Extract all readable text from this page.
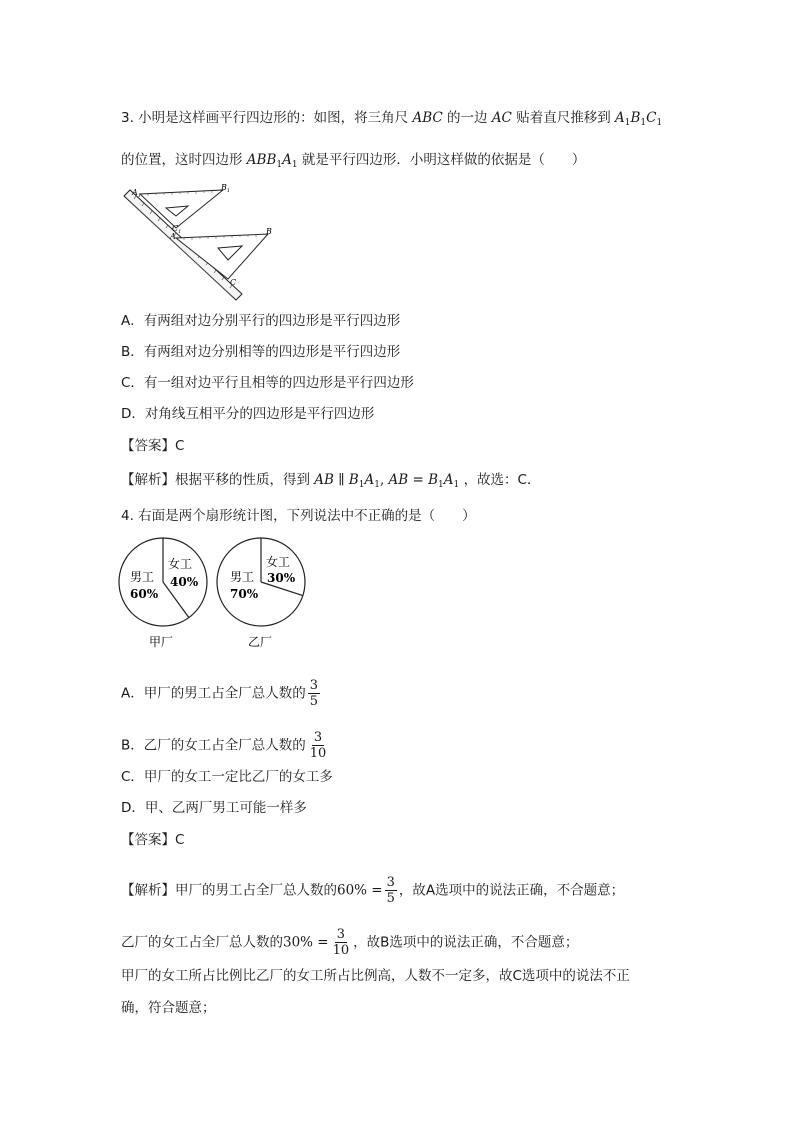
3. 小明是这样画平行四边形的：如图，将三角尺 ABC 的一边 AC 贴着直尺推移到 $A_1B_1C_1$
的位置，这时四边形 $ABB_1A_1$ 就是平行四边形．小明这样做的依据是（　　）
$A_1$
$B_1$
$C_1$
A
B
C
A．有两组对边分别平行的四边形是平行四边形
B．有两组对边分别相等的四边形是平行四边形
C．有一组对边平行且相等的四边形是平行四边形
D．对角线互相平分的四边形是平行四边形
【答案】C
【解析】根据平移的性质，得到 AB ∥ $B_1A_1$, AB = $B_1A_1$ ，故选：C．
4. 右面是两个扇形统计图，下列说法中不正确的是（　　）
女工
40%
男工
60%
甲厂
女工
30%
男工
70%
乙厂
A．甲厂的男工占全厂总人数的 $\frac{3}{5}$
B．乙厂的女工占全厂总人数的 $\frac{3}{10}$
C．甲厂的女工一定比乙厂的女工多
D．甲、乙两厂男工可能一样多
【答案】C
【解析】甲厂的男工占全厂总人数的$60\% = \frac{3}{5}$ ，故A选项中的说法正确，不合题意；
乙厂的女工占全厂总人数的$30\% = \frac{3}{10}$ ，故B选项中的说法正确，不合题意；
甲厂的女工所占比例比乙厂的女工所占比例高，人数不一定多，故C选项中的说法不正
确，符合题意；
